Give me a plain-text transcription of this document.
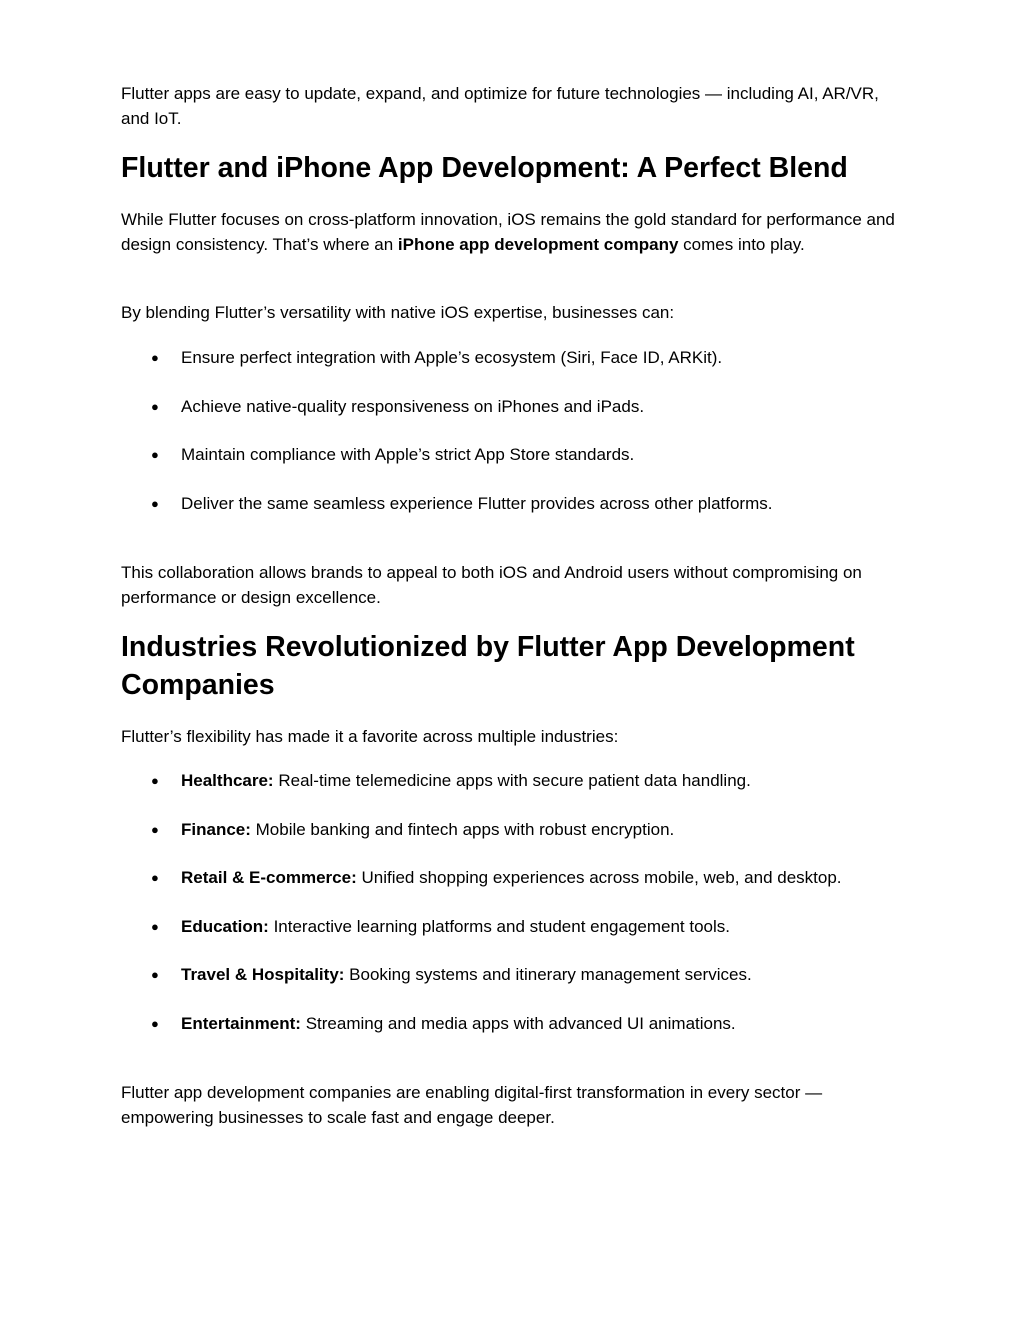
Flutter apps are easy to update, expand, and optimize for future technologies — including AI, AR/VR, and IoT.

Flutter and iPhone App Development: A Perfect Blend

While Flutter focuses on cross-platform innovation, iOS remains the gold standard for performance and design consistency. That’s where an iPhone app development company comes into play.

By blending Flutter’s versatility with native iOS expertise, businesses can:

● Ensure perfect integration with Apple’s ecosystem (Siri, Face ID, ARKit).

● Achieve native-quality responsiveness on iPhones and iPads.

● Maintain compliance with Apple’s strict App Store standards.

● Deliver the same seamless experience Flutter provides across other platforms.

This collaboration allows brands to appeal to both iOS and Android users without compromising on performance or design excellence.

Industries Revolutionized by Flutter App Development Companies

Flutter’s flexibility has made it a favorite across multiple industries:

● Healthcare: Real-time telemedicine apps with secure patient data handling.

● Finance: Mobile banking and fintech apps with robust encryption.

● Retail & E-commerce: Unified shopping experiences across mobile, web, and desktop.

● Education: Interactive learning platforms and student engagement tools.

● Travel & Hospitality: Booking systems and itinerary management services.

● Entertainment: Streaming and media apps with advanced UI animations.

Flutter app development companies are enabling digital-first transformation in every sector — empowering businesses to scale fast and engage deeper.
